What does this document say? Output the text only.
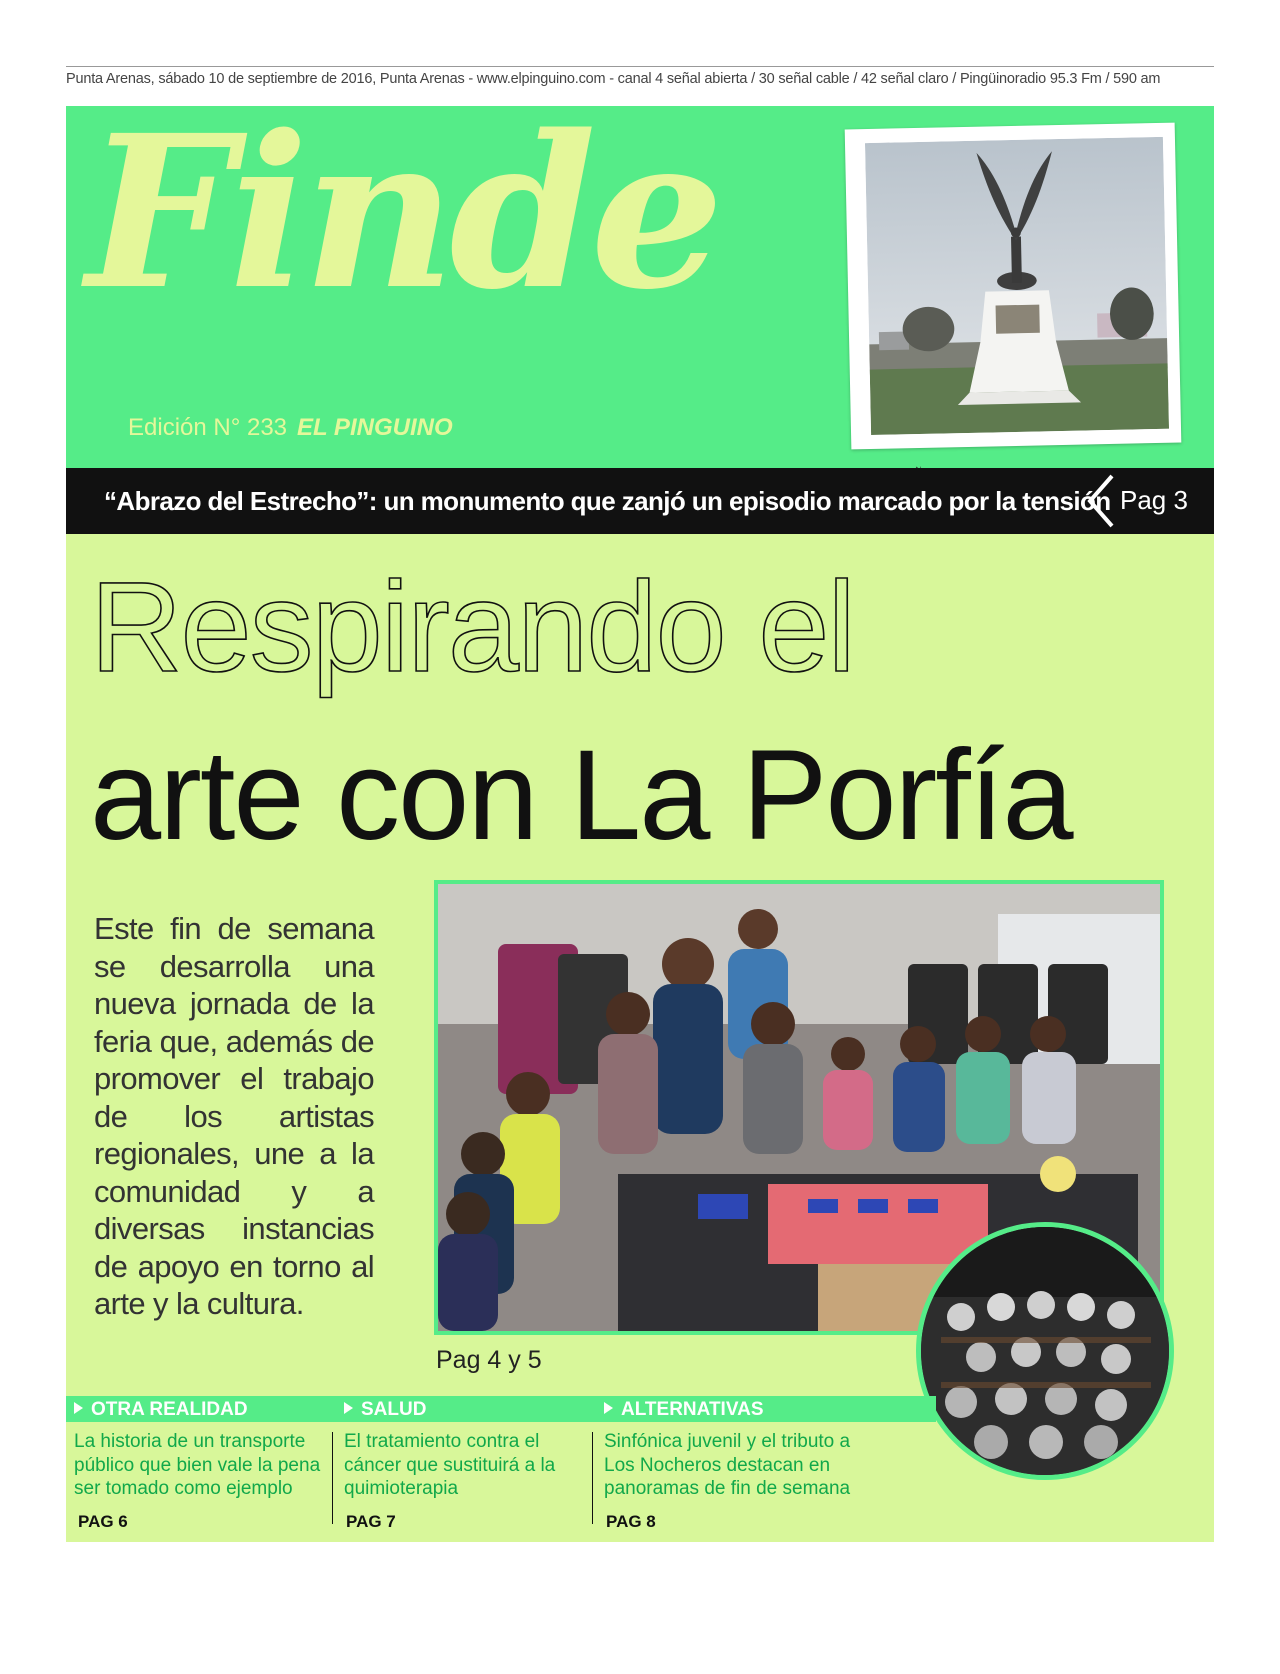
Punta Arenas, sábado 10 de septiembre de 2016, Punta Arenas - www.elpinguino.com - canal 4 señal abierta / 30 señal cable / 42 señal claro / Pingüinoradio 95.3 Fm / 590 am
Finde
Edición N° 233 EL PINGUINO
“Abrazo del Estrecho”: un monumento que zanjó un episodio marcado por la tensión Pag 3
Respirando el
arte con La Porfía
Este fin de semana se desarrolla una nueva jornada de la feria que, además de promover el trabajo de los artistas regionales, une a la comunidad y a diversas instancias de apoyo en torno al arte y la cultura.
Pag 4 y 5
OTRA REALIDAD	SALUD	ALTERNATIVAS
La historia de un transporte público que bien vale la pena ser tomado como ejemplo
El tratamiento contra el cáncer que sustituirá a la quimioterapia
Sinfónica juvenil y el tributo a Los Nocheros destacan en panoramas de fin de semana
PAG 6	PAG 7	PAG 8
